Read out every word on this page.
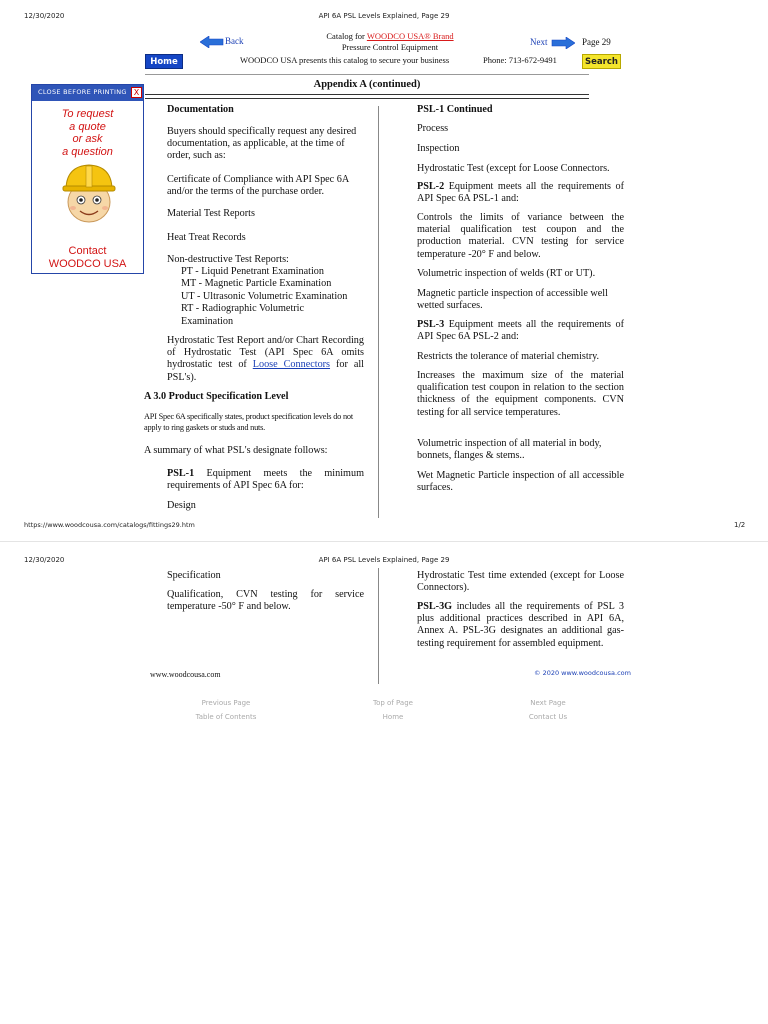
12/30/2020	API 6A PSL Levels Explained, Page 29
Back	Catalog for WOODCO USA® Brand
Pressure Control Equipment	Next	Page 29
Home	WOODCO USA presents this catalog to secure your business	Phone: 713-672-9491	Search
Appendix A (continued)
CLOSE BEFORE PRINTING X
To request
a quote
or ask
a question
Contact
WOODCO USA
Documentation
Buyers should specifically request any desired documentation, as applicable, at the time of order, such as:
Certificate of Compliance with API Spec 6A and/or the terms of the purchase order.
Material Test Reports
Heat Treat Records
Non-destructive Test Reports:
PT - Liquid Penetrant Examination
MT - Magnetic Particle Examination
UT - Ultrasonic Volumetric Examination
RT - Radiographic Volumetric
Examination
Hydrostatic Test Report and/or Chart Recording of Hydrostatic Test (API Spec 6A omits hydrostatic test of Loose Connectors for all PSL's).
A 3.0 Product Specification Level
API Spec 6A specifically states, product specification levels do not apply to ring gaskets or studs and nuts.
A summary of what PSL's designate follows:
PSL-1 Equipment meets the minimum requirements of API Spec 6A for:
Design
PSL-1 Continued
Process
Inspection
Hydrostatic Test (except for Loose Connectors.
PSL-2 Equipment meets all the requirements of API Spec 6A PSL-1 and:
Controls the limits of variance between the material qualification test coupon and the production material. CVN testing for service temperature -20° F and below.
Volumetric inspection of welds (RT or UT).
Magnetic particle inspection of accessible well wetted surfaces.
PSL-3 Equipment meets all the requirements of API Spec 6A PSL-2 and:
Restricts the tolerance of material chemistry.
Increases the maximum size of the material qualification test coupon in relation to the section thickness of the equipment components. CVN testing for all service temperatures.
Volumetric inspection of all material in body, bonnets, flanges & stems..
Wet Magnetic Particle inspection of all accessible surfaces.
https://www.woodcousa.com/catalogs/fittings29.htm	1/2
12/30/2020	API 6A PSL Levels Explained, Page 29
Specification
Qualification, CVN testing for service temperature -50° F and below.
www.woodcousa.com
Hydrostatic Test time extended (except for Loose Connectors).
PSL-3G includes all the requirements of PSL 3 plus additional practices described in API 6A, Annex A. PSL-3G designates an additional gas-testing requirement for assembled equipment.
© 2020 www.woodcousa.com
Previous Page	Top of Page	Next Page
Table of Contents	Home	Contact Us
